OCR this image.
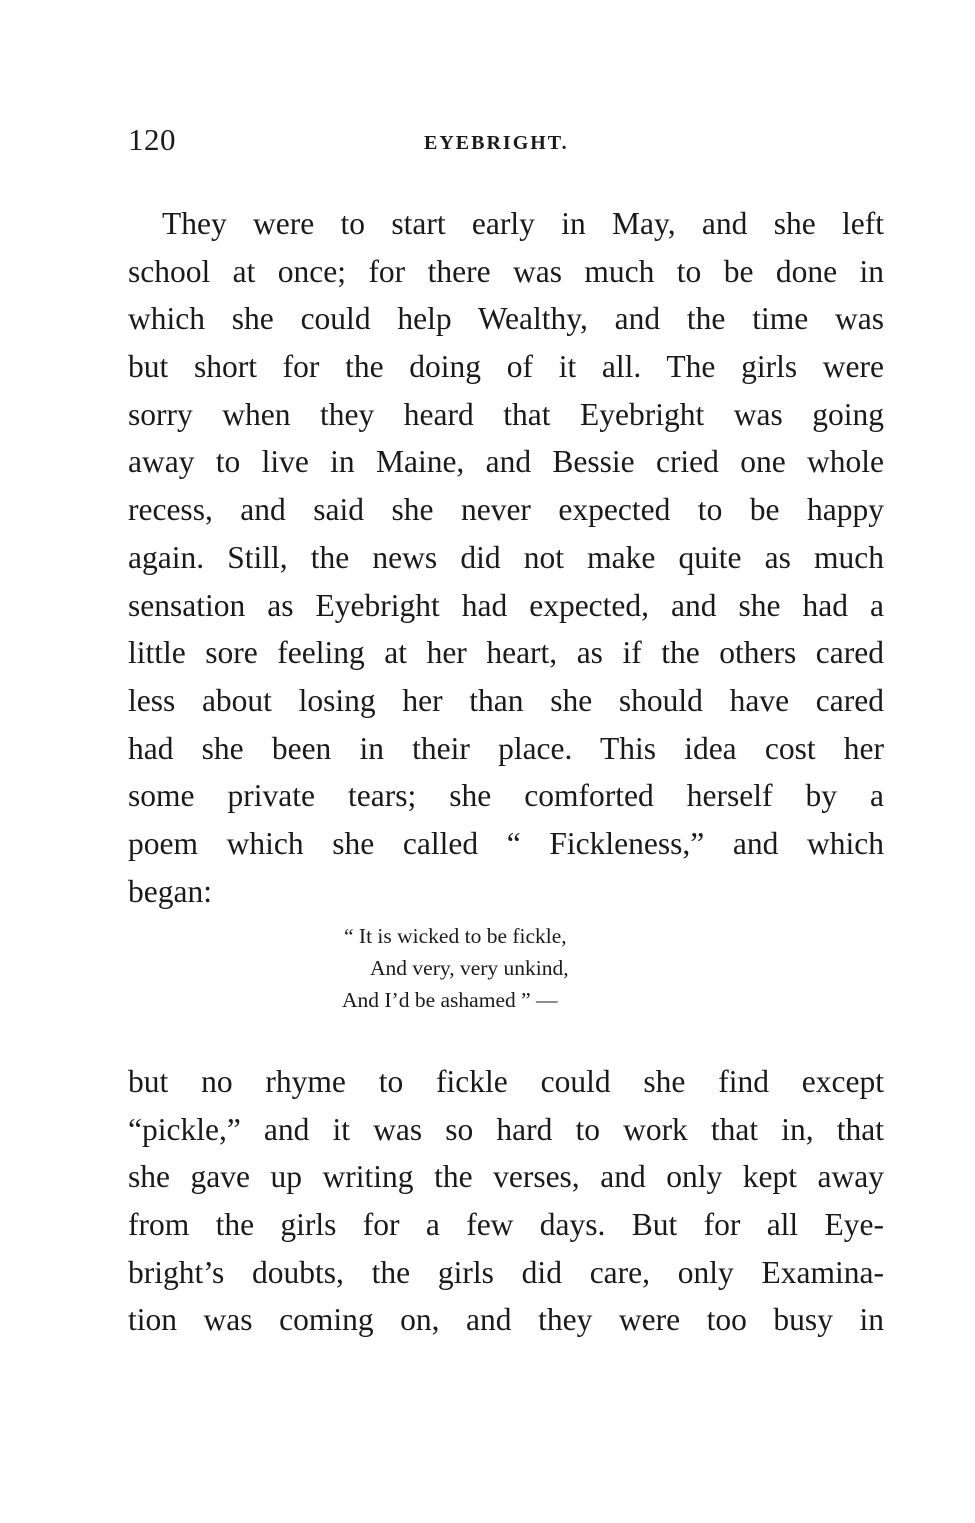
120	EYEBRIGHT.
They were to start early in May, and she left
school at once; for there was much to be done in
which she could help Wealthy, and the time was
but short for the doing of it all. The girls were
sorry when they heard that Eyebright was going
away to live in Maine, and Bessie cried one whole
recess, and said she never expected to be happy
again. Still, the news did not make quite as much
sensation as Eyebright had expected, and she had a
little sore feeling at her heart, as if the others cared
less about losing her than she should have cared
had she been in their place. This idea cost her
some private tears; she comforted herself by a
poem which she called “ Fickleness,” and which
began:
“ It is wicked to be fickle,
And very, very unkind,
And I’d be ashamed ” —
but no rhyme to fickle could she find except
“pickle,” and it was so hard to work that in, that
she gave up writing the verses, and only kept away
from the girls for a few days. But for all Eye-
bright’s doubts, the girls did care, only Examina-
tion was coming on, and they were too busy in
